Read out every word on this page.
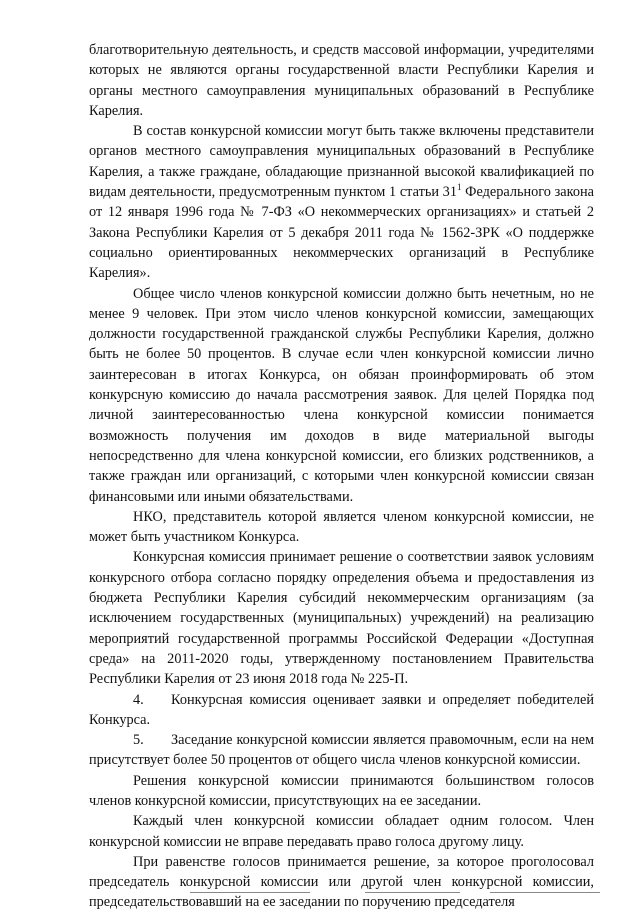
благотворительную деятельность, и средств массовой информации, учредителями которых не являются органы государственной власти Республики Карелия и органы местного самоуправления муниципальных образований в Республике Карелия.

В состав конкурсной комиссии могут быть также включены представители органов местного самоуправления муниципальных образований в Республике Карелия, а также граждане, обладающие признанной высокой квалификацией по видам деятельности, предусмотренным пунктом 1 статьи $31^1$ Федерального закона от 12 января 1996 года № 7-ФЗ «О некоммерческих организациях» и статьей 2 Закона Республики Карелия от 5 декабря 2011 года № 1562-ЗРК «О поддержке социально ориентированных некоммерческих организаций в Республике Карелия».

Общее число членов конкурсной комиссии должно быть нечетным, но не менее 9 человек. При этом число членов конкурсной комиссии, замещающих должности государственной гражданской службы Республики Карелия, должно быть не более 50 процентов. В случае если член конкурсной комиссии лично заинтересован в итогах Конкурса, он обязан проинформировать об этом конкурсную комиссию до начала рассмотрения заявок. Для целей Порядка под личной заинтересованностью члена конкурсной комиссии понимается возможность получения им доходов в виде материальной выгоды непосредственно для члена конкурсной комиссии, его близких родственников, а также граждан или организаций, с которыми член конкурсной комиссии связан финансовыми или иными обязательствами.

НКО, представитель которой является членом конкурсной комиссии, не может быть участником Конкурса.

Конкурсная комиссия принимает решение о соответствии заявок условиям конкурсного отбора согласно порядку определения объема и предоставления из бюджета Республики Карелия субсидий некоммерческим организациям (за исключением государственных (муниципальных) учреждений) на реализацию мероприятий государственной программы Российской Федерации «Доступная среда» на 2011-2020 годы, утвержденному постановлением Правительства Республики Карелия от 23 июня 2018 года № 225-П.

4. Конкурсная комиссия оценивает заявки и определяет победителей Конкурса.

5. Заседание конкурсной комиссии является правомочным, если на нем присутствует более 50 процентов от общего числа членов конкурсной комиссии.

Решения конкурсной комиссии принимаются большинством голосов членов конкурсной комиссии, присутствующих на ее заседании.

Каждый член конкурсной комиссии обладает одним голосом. Член конкурсной комиссии не вправе передавать право голоса другому лицу.

При равенстве голосов принимается решение, за которое проголосовал председатель конкурсной комиссии или другой член конкурсной комиссии, председательствовавший на ее заседании по поручению председателя
